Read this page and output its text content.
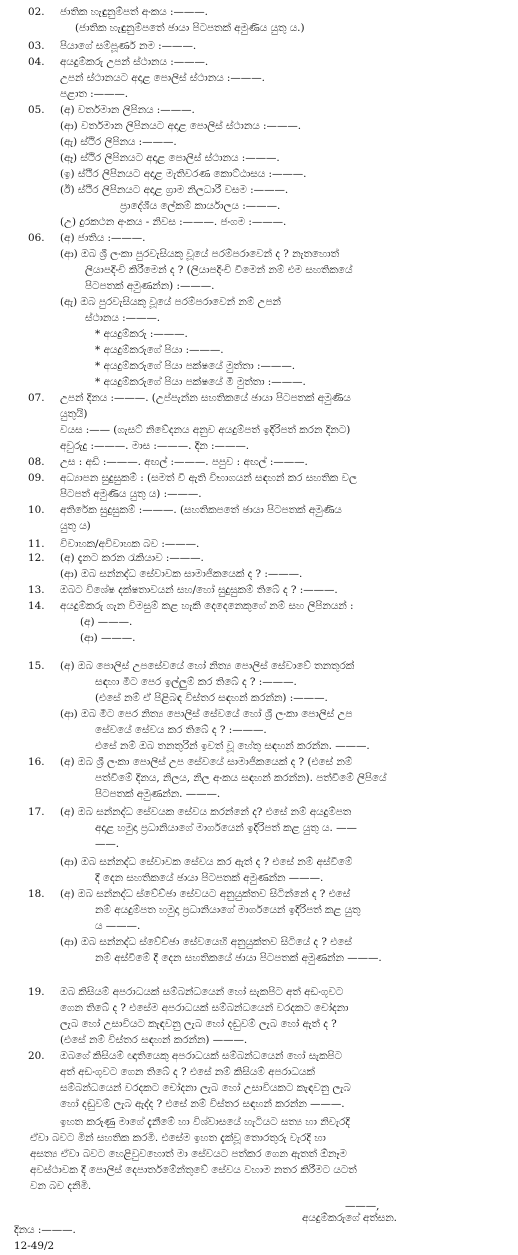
02. ජාතික හැඳුනුම්පත් අංකය :———.
(ජාතික හැඳුනුම්පතේ ඡායා පිටපතක් අමුණිය යුතු ය.)
03. පියාගේ සම්පූර්ණ නම :———.
04. අයදුම්කරු උපන් ස්ථානය :———.
උපන් ස්ථානයට අදාළ පොලිස් ස්ථානය :———.
පළාත :———.
05. (අ) වර්තමාන ලිපිනය :———.
(ආ) වර්තමාන ලිපිනයට අදාළ පොලිස් ස්ථානය :———.
(ඇ) ස්ථිර ලිපිනය :———.
(ඈ) ස්ථිර ලිපිනයට අදාළ පොලිස් ස්ථානය :———.
(ඉ) ස්ථිර ලිපිනයට අදාළ මැතිවරණ කොට්ඨාසය :———.
(ඊ) ස්ථිර ලිපිනයට අදාළ ග්‍රාම නිලධාරී වසම :———.
ප්‍රාදේශීය ලේකම් කාර්යාලය :———.
(උ) දුරකථන අංකය - නිවස :———. ජංගම :———.
06. (අ) ජාතිය :———.
(ආ) ඔබ ශ්‍රී ලංකා පුරවැසියකු වූයේ පරම්පරාවෙන් ද ? නැතහොත්
ලියාපදිංචි කිරීමෙන් ද ? (ලියාපදිංචි වීමෙන් නම් එම සහතිකයේ
පිටපතක් අමුණන්න) :———.
(ඇ) ඔබ පුරවැසියකු වූයේ පරම්පරාවෙන් නම් උපන්
ස්ථානය :———.
* අයදුම්කරු :———.
* අයදුම්කරුගේ පියා :———.
* අයදුම්කරුගේ පියා පක්ෂයේ මුත්තා :———.
* අයදුම්කරුගේ පියා පක්ෂයේ මී මුත්තා :———.
07. උපන් දිනය :———. (උප්පැන්න සහතිකයේ ඡායා පිටපතක් අමුණිය
යුතුයි)
වයස :—— (ගැසට් නිවේදනය අනුව අයදුම්පත් ඉදිරිපත් කරන දිනට)
අවුරුදු :———. මාස :———. දින :———.
08. උස : අඩි :———. අඟල් :———. පපුව : අඟල් :———.
09. අධ්‍යාපන සුදුසුකම් : (සමත් වී ඇති විභාගයන් සඳහන් කර සහතික වල
පිටපත් අමුණිය යුතු ය) :———.
10. අතිරේක සුදුසුකම් :———. (සහතිකපතේ ඡායා පිටපතක් අමුණිය
යුතු ය)
11. විවාහක/අවිවාහක බව :———.
12. (අ) දැනට කරන රැකියාව :———.
(ආ) ඔබ සන්නද්ධ සේවාවක සාමාජිකයෙක් ද ? :———.
13. ඔබට විශේෂ දක්ෂතාවයන් සහ/හෝ සුදුසුකම් තිබේ ද ? :———.
14. අයදුම්කරු ගැන විමසුම් කළ හැකි දෙදෙනෙකුගේ නම් සහ ලිපිනයන් :
(අ) ———.
(ආ) ———.
15. (අ) ඔබ පොලිස් උපසේවයේ හෝ නිත්‍ය පොලිස් සේවාවේ තනතුරක්
සඳහා මීට පෙර ඉල්ලුම් කර තිබේ ද ? :———.
(එසේ නම් ඒ පිළිබඳ විස්තර සඳහන් කරන්න) :———.
(ආ) ඔබ මීට පෙර නිත්‍ය පොලිස් සේවයේ හෝ ශ්‍රී ලංකා පොලිස් උප
සේවයේ සේවය කර තිබේ ද ? :———.
එසේ නම් ඔබ තනතුරින් ඉවත් වූ හේතු සඳහන් කරන්න. ———.
16. (අ) ඔබ ශ්‍රී ලංකා පොලිස් උප සේවයේ සාමාජිකයෙක් ද ? (එසේ නම්
පත්වීමේ දිනය, නිලය, නිල අංකය සඳහන් කරන්න). පත්වීමේ ලිපියේ
පිටපතක් අමුණන්න. ———.
17. (අ) ඔබ සන්නද්ධ සේවයක සේවය කරන්නේ ද? එසේ නම් අයදුම්පත
අදාළ හමුදා ප්‍රධානියාගේ මාර්ගයෙන් ඉදිරිපත් කළ යුතු ය. ——
——.
(ආ) ඔබ සන්නද්ධ සේවාවක සේවය කර ඇත් ද ? එසේ නම් අස්වීමේ
දී දෙන සහතිකයේ ඡායා පිටපතක් අමුණන්න ———.
18. (අ) ඔබ සන්නද්ධ ස්වේච්ඡා සේවයට අනුයුක්තව සිටින්නේ ද ? එසේ
නම් අයදුම්පත හමුදා ප්‍රධානියාගේ මාර්ගයෙන් ඉදිරිපත් කළ යුතු
ය ———.
(ආ) ඔබ සන්නද්ධ ස්වේච්ඡා සේවයෙහි අනුයුක්තව සිටියේ ද ? එසේ
නම් අස්වීමේ දී දෙන සහතිකයේ ඡායා පිටපතක් අමුණන්න ———.
19. ඔබ කිසියම් අපරාධයක් සම්බන්ධයෙන් හෝ සැකපිට අත් අඩංගුවට
ගෙන තිබේ ද ? එසේම අපරාධයක් සම්බන්ධයෙන් වරදකට චෝදනා
ලැබ හෝ උසාවියට කැඳවනු ලැබ හෝ දඬුවම් ලැබ හෝ ඇත් ද ?
(එසේ නම් විස්තර සඳහන් කරන්න) ———.
20. ඔබගේ කිසියම් ඥාතියෙකු අපරාධයක් සම්බන්ධයෙන් හෝ සැකපිට
අත් අඩංගුවට ගෙන තිබේ ද ? එසේ නම් කිසියම් අපරාධයක්
සම්බන්ධයෙන් වරදකට චෝදනා ලැබ හෝ උසාවියකට කැඳවනු ලැබ
හෝ දඬුවම් ලැබ ඇද්ද ? එසේ නම් විස්තර සඳහන් කරන්න ———.
ඉහත කරුණු මාගේ දැනීමේ හා විශ්වාසයේ හැටියට සත්‍ය හා නිවැරදි
ඒවා බවට මින් සහතික කරමි. එසේම ඉහත දැක්වූ තොරතුරු වැරදි හා
අසත්‍ය ඒවා බවට හෙළිවුවහොත් මා සේවයට පත්කර ගෙන ඇතත් ඕනෑම
අවස්ථාවක දී පොලිස් දෙපාර්තමේන්තුවේ සේවය වහාම නතර කිරීමට යටත්
වන බව දනිමි.
———,
අයදුම්කරුගේ අත්සන.
දිනය :———.
12-49/2
